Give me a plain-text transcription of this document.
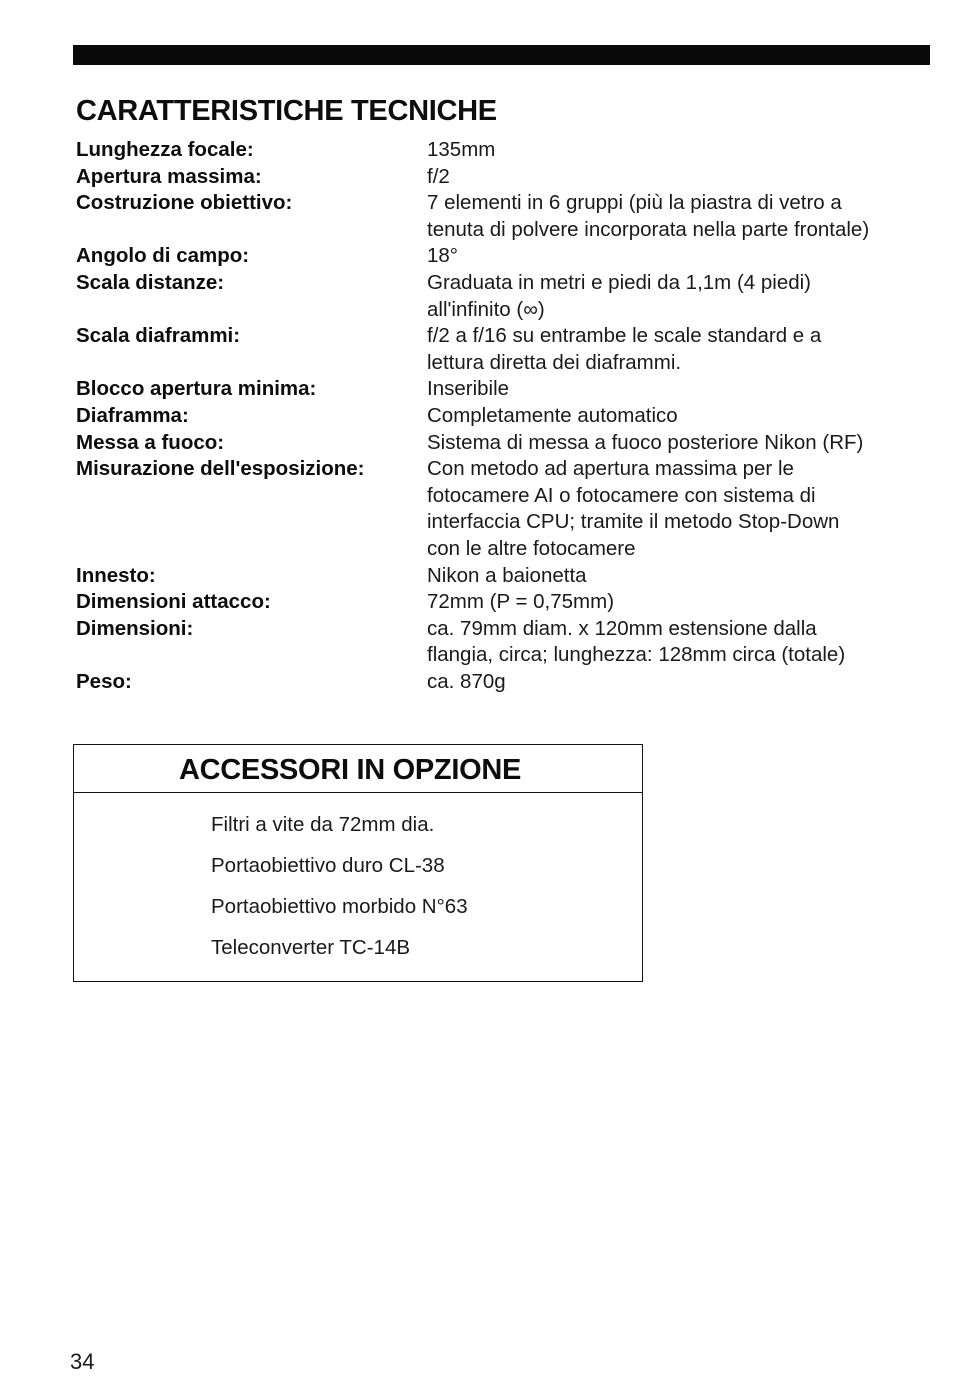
CARATTERISTICHE TECNICHE
Lunghezza focale:	135mm
Apertura massima:	f/2
Costruzione obiettivo:	7 elementi in 6 gruppi (più la piastra di vetro a
tenuta di polvere incorporata nella parte frontale)
Angolo di campo:	18°
Scala distanze:	Graduata in metri e piedi da 1,1m (4 piedi)
all'infinito (∞)
Scala diaframmi:	f/2 a f/16 su entrambe le scale standard e a
lettura diretta dei diaframmi.
Blocco apertura minima:	Inseribile
Diaframma:	Completamente automatico
Messa a fuoco:	Sistema di messa a fuoco posteriore Nikon (RF)
Misurazione dell'esposizione:	Con metodo ad apertura massima per le
fotocamere AI o fotocamere con sistema di
interfaccia CPU; tramite il metodo Stop-Down
con le altre fotocamere
Innesto:	Nikon a baionetta
Dimensioni attacco:	72mm (P = 0,75mm)
Dimensioni:	ca. 79mm diam. x 120mm estensione dalla
flangia, circa; lunghezza: 128mm circa (totale)
Peso:	ca. 870g
ACCESSORI IN OPZIONE
Filtri a vite da 72mm dia.
Portaobiettivo duro CL-38
Portaobiettivo morbido N°63
Teleconverter TC-14B
34
